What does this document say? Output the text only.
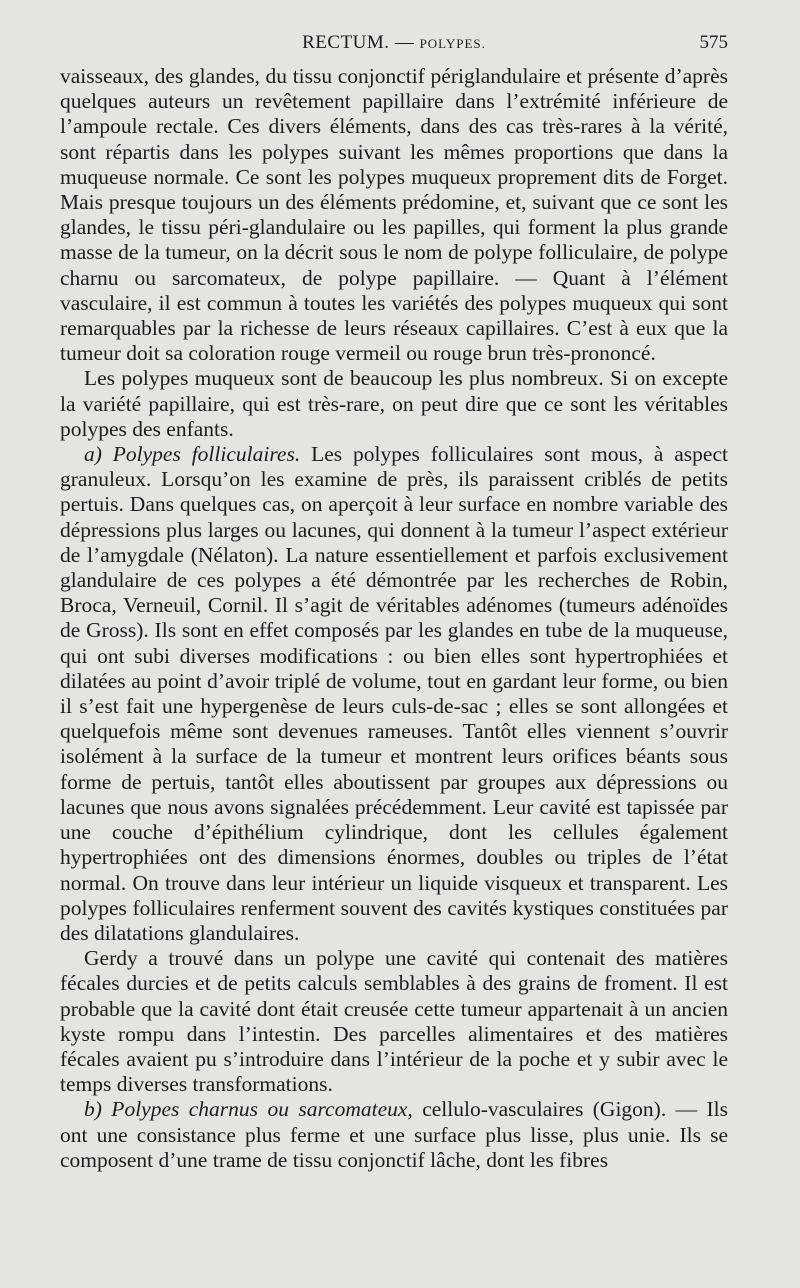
RECTUM. — POLYPES.	575

vaisseaux, des glandes, du tissu conjonctif périglandulaire et présente d’après quelques auteurs un revêtement papillaire dans l’extrémité inférieure de l’ampoule rectale. Ces divers éléments, dans des cas très-rares à la vérité, sont répartis dans les polypes suivant les mêmes proportions que dans la muqueuse normale. Ce sont les polypes muqueux proprement dits de Forget. Mais presque toujours un des éléments prédomine, et, suivant que ce sont les glandes, le tissu péri-glandulaire ou les papilles, qui forment la plus grande masse de la tumeur, on la décrit sous le nom de polype folliculaire, de polype charnu ou sarcomateux, de polype papillaire. — Quant à l’élément vasculaire, il est commun à toutes les variétés des polypes muqueux qui sont remarquables par la richesse de leurs réseaux capillaires. C’est à eux que la tumeur doit sa coloration rouge vermeil ou rouge brun très-prononcé.

Les polypes muqueux sont de beaucoup les plus nombreux. Si on excepte la variété papillaire, qui est très-rare, on peut dire que ce sont les véritables polypes des enfants.

a) Polypes folliculaires. Les polypes folliculaires sont mous, à aspect granuleux. Lorsqu’on les examine de près, ils paraissent criblés de petits pertuis. Dans quelques cas, on aperçoit à leur surface en nombre variable des dépressions plus larges ou lacunes, qui donnent à la tumeur l’aspect extérieur de l’amygdale (Nélaton). La nature essentiellement et parfois exclusivement glandulaire de ces polypes a été démontrée par les recherches de Robin, Broca, Verneuil, Cornil. Il s’agit de véritables adénomes (tumeurs adénoïdes de Gross). Ils sont en effet composés par les glandes en tube de la muqueuse, qui ont subi diverses modifications : ou bien elles sont hypertrophiées et dilatées au point d’avoir triplé de volume, tout en gardant leur forme, ou bien il s’est fait une hypergenèse de leurs culs-de-sac ; elles se sont allongées et quelquefois même sont devenues rameuses. Tantôt elles viennent s’ouvrir isolément à la surface de la tumeur et montrent leurs orifices béants sous forme de pertuis, tantôt elles aboutissent par groupes aux dépressions ou lacunes que nous avons signalées précédemment. Leur cavité est tapissée par une couche d’épithélium cylindrique, dont les cellules également hypertrophiées ont des dimensions énormes, doubles ou triples de l’état normal. On trouve dans leur intérieur un liquide visqueux et transparent. Les polypes folliculaires renferment souvent des cavités kystiques constituées par des dilatations glandulaires.

Gerdy a trouvé dans un polype une cavité qui contenait des matières fécales durcies et de petits calculs semblables à des grains de froment. Il est probable que la cavité dont était creusée cette tumeur appartenait à un ancien kyste rompu dans l’intestin. Des parcelles alimentaires et des matières fécales avaient pu s’introduire dans l’intérieur de la poche et y subir avec le temps diverses transformations.

b) Polypes charnus ou sarcomateux, cellulo-vasculaires (Gigon). — Ils ont une consistance plus ferme et une surface plus lisse, plus unie. Ils se composent d’une trame de tissu conjonctif lâche, dont les fibres
